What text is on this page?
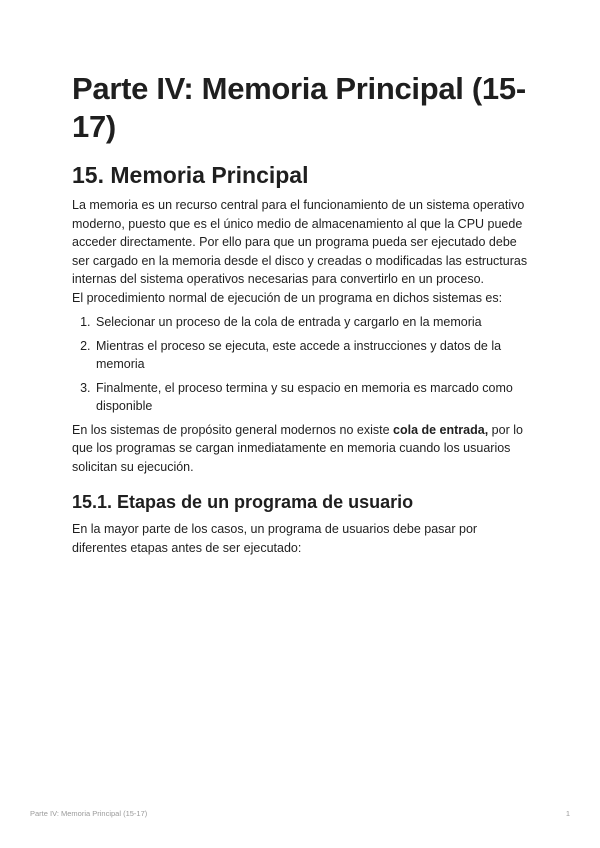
Parte IV: Memoria Principal (15-17)
15. Memoria Principal

La memoria es un recurso central para el funcionamiento de un sistema operativo moderno, puesto que es el único medio de almacenamiento al que la CPU puede acceder directamente. Por ello para que un programa pueda ser ejecutado debe ser cargado en la memoria desde el disco y creadas o modificadas las estructuras internas del sistema operativos necesarias para convertirlo en un proceso.

El procedimiento normal de ejecución de un programa en dichos sistemas es:

1. Selecionar un proceso de la cola de entrada y cargarlo en la memoria
2. Mientras el proceso se ejecuta, este accede a instrucciones y datos de la memoria
3. Finalmente, el proceso termina y su espacio en memoria es marcado como disponible

En los sistemas de propósito general modernos no existe cola de entrada, por lo que los programas se cargan inmediatamente en memoria cuando los usuarios solicitan su ejecución.

15.1. Etapas de un programa de usuario

En la mayor parte de los casos, un programa de usuarios debe pasar por diferentes etapas antes de ser ejecutado:

Parte IV: Memoria Principal (15-17)	1
